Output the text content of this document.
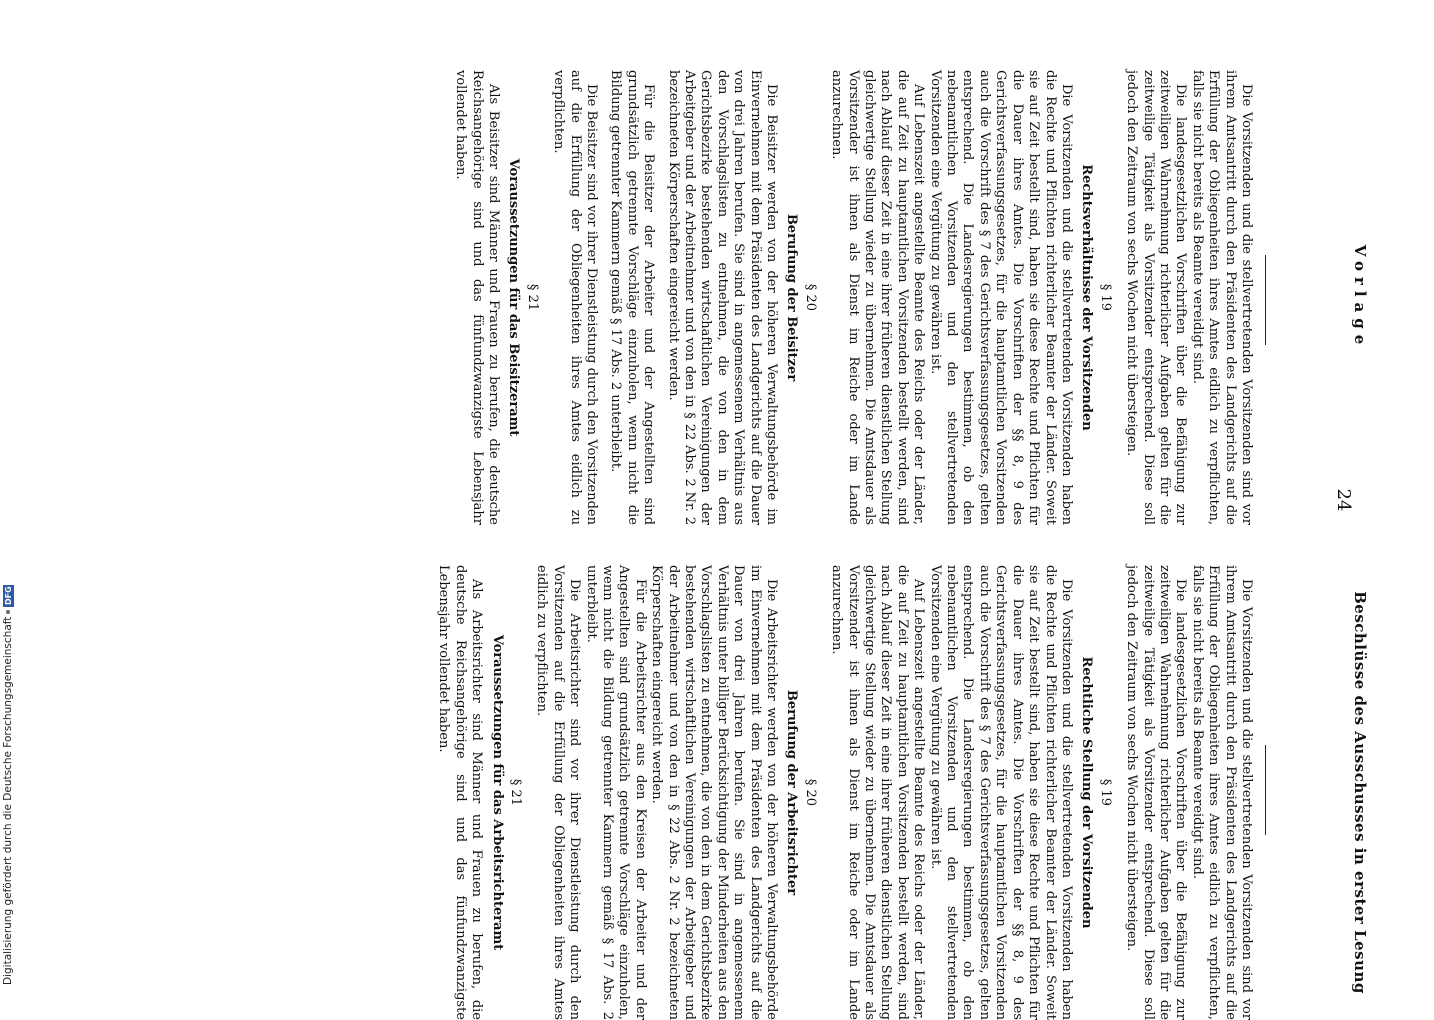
24
Vorlage
Beschlüsse des Ausschusses in erster Lesung

Die Vorsitzenden und die stellvertretenden Vorsitzenden sind vor ihrem Amtsantritt durch den Präsidenten des Landgerichts auf die Erfüllung der Obliegenheiten ihres Amtes eidlich zu verpflichten, falls sie nicht bereits als Beamte vereidigt sind.

Die landesgesetzlichen Vorschriften über die Befähigung zur zeitweiligen Wahrnehmung richterlicher Aufgaben gelten für die zeitweilige Tätigkeit als Vorsitzender entsprechend. Diese soll jedoch den Zeitraum von sechs Wochen nicht übersteigen.

§ 19
Rechtsverhältnisse der Vorsitzenden

Die Vorsitzenden und die stellvertretenden Vorsitzenden haben die Rechte und Pflichten richterlicher Beamter der Länder. Soweit sie auf Zeit bestellt sind, haben sie diese Rechte und Pflichten für die Dauer ihres Amtes. Die Vorschriften der §§ 8, 9 des Gerichtsverfassungsgesetzes, für die hauptamtlichen Vorsitzenden auch die Vorschrift des § 7 des Gerichtsverfassungsgesetzes, gelten entsprechend. Die Landesregierungen bestimmen, ob den nebenamtlichen Vorsitzenden und den stellvertretenden Vorsitzenden eine Vergütung zu gewähren ist.

Auf Lebenszeit angestellte Beamte des Reichs oder der Länder, die auf Zeit zu hauptamtlichen Vorsitzenden bestellt werden, sind nach Ablauf dieser Zeit in eine ihrer früheren dienstlichen Stellung gleichwertige Stellung wieder zu übernehmen. Die Amtsdauer als Vorsitzender ist ihnen als Dienst im Reiche oder im Lande anzurechnen.

§ 20
Berufung der Beisitzer

Die Beisitzer werden von der höheren Verwaltungsbehörde im Einvernehmen mit dem Präsidenten des Landgerichts auf die Dauer von drei Jahren berufen. Sie sind in angemessenem Verhältnis aus den Vorschlagslisten zu entnehmen, die von den in dem Gerichtsbezirke bestehenden wirtschaftlichen Vereinigungen der Arbeitgeber und der Arbeitnehmer und von den in § 22 Abs. 2 Nr. 2 bezeichneten Körperschaften eingereicht werden.

Für die Beisitzer der Arbeiter und der Angestellten sind grundsätzlich getrennte Vorschläge einzuholen, wenn nicht die Bildung getrennter Kammern gemäß § 17 Abs. 2 unterbleibt.

Die Beisitzer sind vor ihrer Dienstleistung durch den Vorsitzenden auf die Erfüllung der Obliegenheiten ihres Amtes eidlich zu verpflichten.

§ 21
Voraussetzungen für das Beisitzeramt

Als Beisitzer sind Männer und Frauen zu berufen, die deutsche Reichsangehörige sind und das fünfundzwanzigste Lebensjahr vollendet haben.

Die Vorsitzenden und die stellvertretenden Vorsitzenden sind vor ihrem Amtsantritt durch den Präsidenten des Landgerichts auf die Erfüllung der Obliegenheiten ihres Amtes eidlich zu verpflichten, falls sie nicht bereits als Beamte vereidigt sind.

Die landesgesetzlichen Vorschriften über die Befähigung zur zeitweiligen Wahrnehmung richterlicher Aufgaben gelten für die zeitweilige Tätigkeit als Vorsitzender entsprechend. Diese soll jedoch den Zeitraum von sechs Wochen nicht übersteigen.

§ 19
Rechtliche Stellung der Vorsitzenden

Die Vorsitzenden und die stellvertretenden Vorsitzenden haben die Rechte und Pflichten richterlicher Beamter der Länder. Soweit sie auf Zeit bestellt sind, haben sie diese Rechte und Pflichten für die Dauer ihres Amtes. Die Vorschriften der §§ 8, 9 des Gerichtsverfassungsgesetzes, für die hauptamtlichen Vorsitzenden auch die Vorschrift des § 7 des Gerichtsverfassungsgesetzes, gelten entsprechend. Die Landesregierungen bestimmen, ob den nebenamtlichen Vorsitzenden und den stellvertretenden Vorsitzenden eine Vergütung zu gewähren ist.

Auf Lebenszeit angestellte Beamte des Reichs oder der Länder, die auf Zeit zu hauptamtlichen Vorsitzenden bestellt werden, sind nach Ablauf dieser Zeit in eine ihrer früheren dienstlichen Stellung gleichwertige Stellung wieder zu übernehmen. Die Amtsdauer als Vorsitzender ist ihnen als Dienst im Reiche oder im Lande anzurechnen.

§ 20
Berufung der Arbeitsrichter

Die Arbeitsrichter werden von der höheren Verwaltungsbehörde im Einvernehmen mit dem Präsidenten des Landgerichts auf die Dauer von drei Jahren berufen. Sie sind in angemessenem Verhältnis unter billiger Berücksichtigung der Minderheiten aus den Vorschlagslisten zu entnehmen, die von den in dem Gerichtsbezirke bestehenden wirtschaftlichen Vereinigungen der Arbeitgeber und der Arbeitnehmer und von den in § 22 Abs. 2 Nr. 2 bezeichneten Körperschaften eingereicht werden.

Für die Arbeitsrichter aus den Kreisen der Arbeiter und der Angestellten sind grundsätzlich getrennte Vorschläge einzuholen, wenn nicht die Bildung getrennter Kammern gemäß § 17 Abs. 2 unterbleibt.

Die Arbeitsrichter sind vor ihrer Dienstleistung durch den Vorsitzenden auf die Erfüllung der Obliegenheiten ihres Amtes eidlich zu verpflichten.

§ 21
Voraussetzungen für das Arbeitsrichteramt

Als Arbeitsrichter sind Männer und Frauen zu berufen, die deutsche Reichsangehörige sind und das fünfundzwanzigste Lebensjahr vollendet haben.

Digitalisierung gefördert durch die Deutsche Forschungsgemeinschaft
DFG
